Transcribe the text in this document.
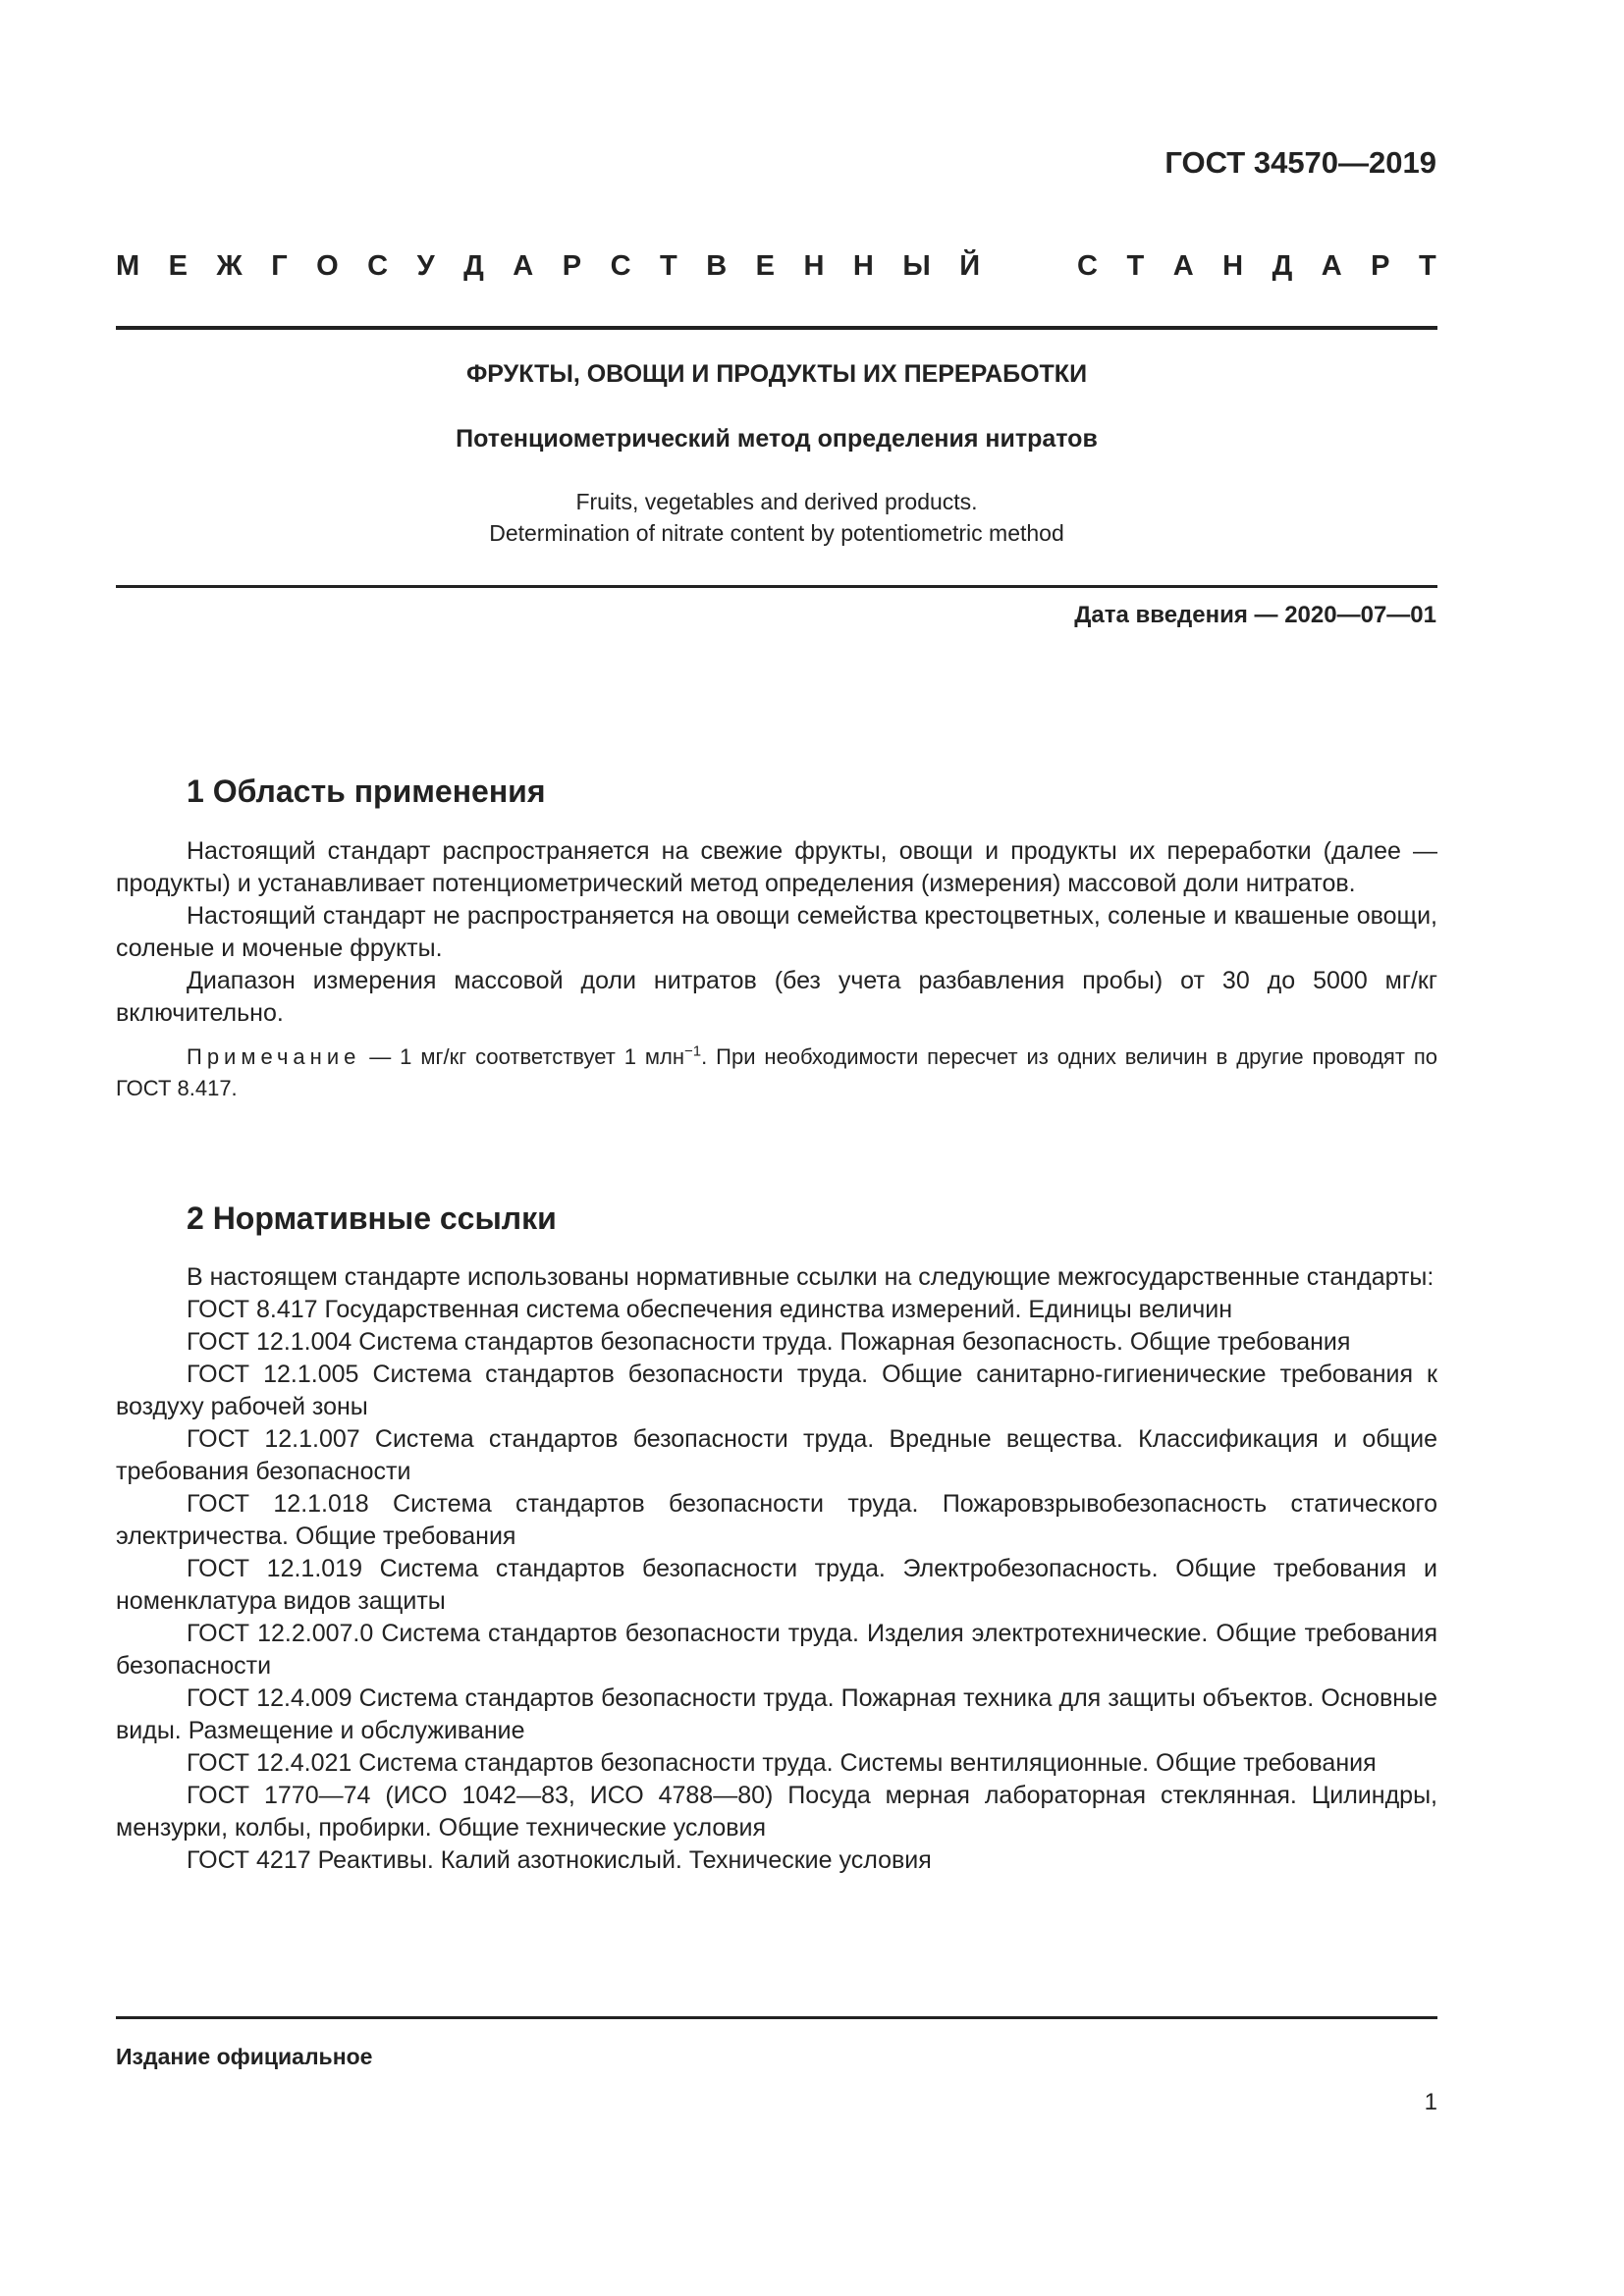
ГОСТ 34570—2019
М Е Ж Г О С У Д А Р С Т В Е Н Н Ы Й	С Т А Н Д А Р Т
ФРУКТЫ, ОВОЩИ И ПРОДУКТЫ ИХ ПЕРЕРАБОТКИ
Потенциометрический метод определения нитратов
Fruits, vegetables and derived products.
Determination of nitrate content by potentiometric method
Дата введения — 2020—07—01
1 Область применения

Настоящий стандарт распространяется на свежие фрукты, овощи и продукты их переработки (далее — продукты) и устанавливает потенциометрический метод определения (измерения) массовой доли нитратов.

Настоящий стандарт не распространяется на овощи семейства крестоцветных, соленые и квашеные овощи, соленые и моченые фрукты.

Диапазон измерения массовой доли нитратов (без учета разбавления пробы) от 30 до 5000 мг/кг включительно.

Примечание — 1 мг/кг соответствует 1 млн$^{-1}$. При необходимости пересчет из одних величин в другие проводят по ГОСТ 8.417.

2 Нормативные ссылки

В настоящем стандарте использованы нормативные ссылки на следующие межгосударственные стандарты:

ГОСТ 8.417 Государственная система обеспечения единства измерений. Единицы величин

ГОСТ 12.1.004 Система стандартов безопасности труда. Пожарная безопасность. Общие требования

ГОСТ 12.1.005 Система стандартов безопасности труда. Общие санитарно-гигиенические требования к воздуху рабочей зоны

ГОСТ 12.1.007 Система стандартов безопасности труда. Вредные вещества. Классификация и общие требования безопасности

ГОСТ 12.1.018 Система стандартов безопасности труда. Пожаровзрывобезопасность статического электричества. Общие требования

ГОСТ 12.1.019 Система стандартов безопасности труда. Электробезопасность. Общие требования и номенклатура видов защиты

ГОСТ 12.2.007.0 Система стандартов безопасности труда. Изделия электротехнические. Общие требования безопасности

ГОСТ 12.4.009 Система стандартов безопасности труда. Пожарная техника для защиты объектов. Основные виды. Размещение и обслуживание

ГОСТ 12.4.021 Система стандартов безопасности труда. Системы вентиляционные. Общие требования

ГОСТ 1770—74 (ИСО 1042—83, ИСО 4788—80) Посуда мерная лабораторная стеклянная. Цилиндры, мензурки, колбы, пробирки. Общие технические условия

ГОСТ 4217 Реактивы. Калий азотнокислый. Технические условия

Издание официальное
1
